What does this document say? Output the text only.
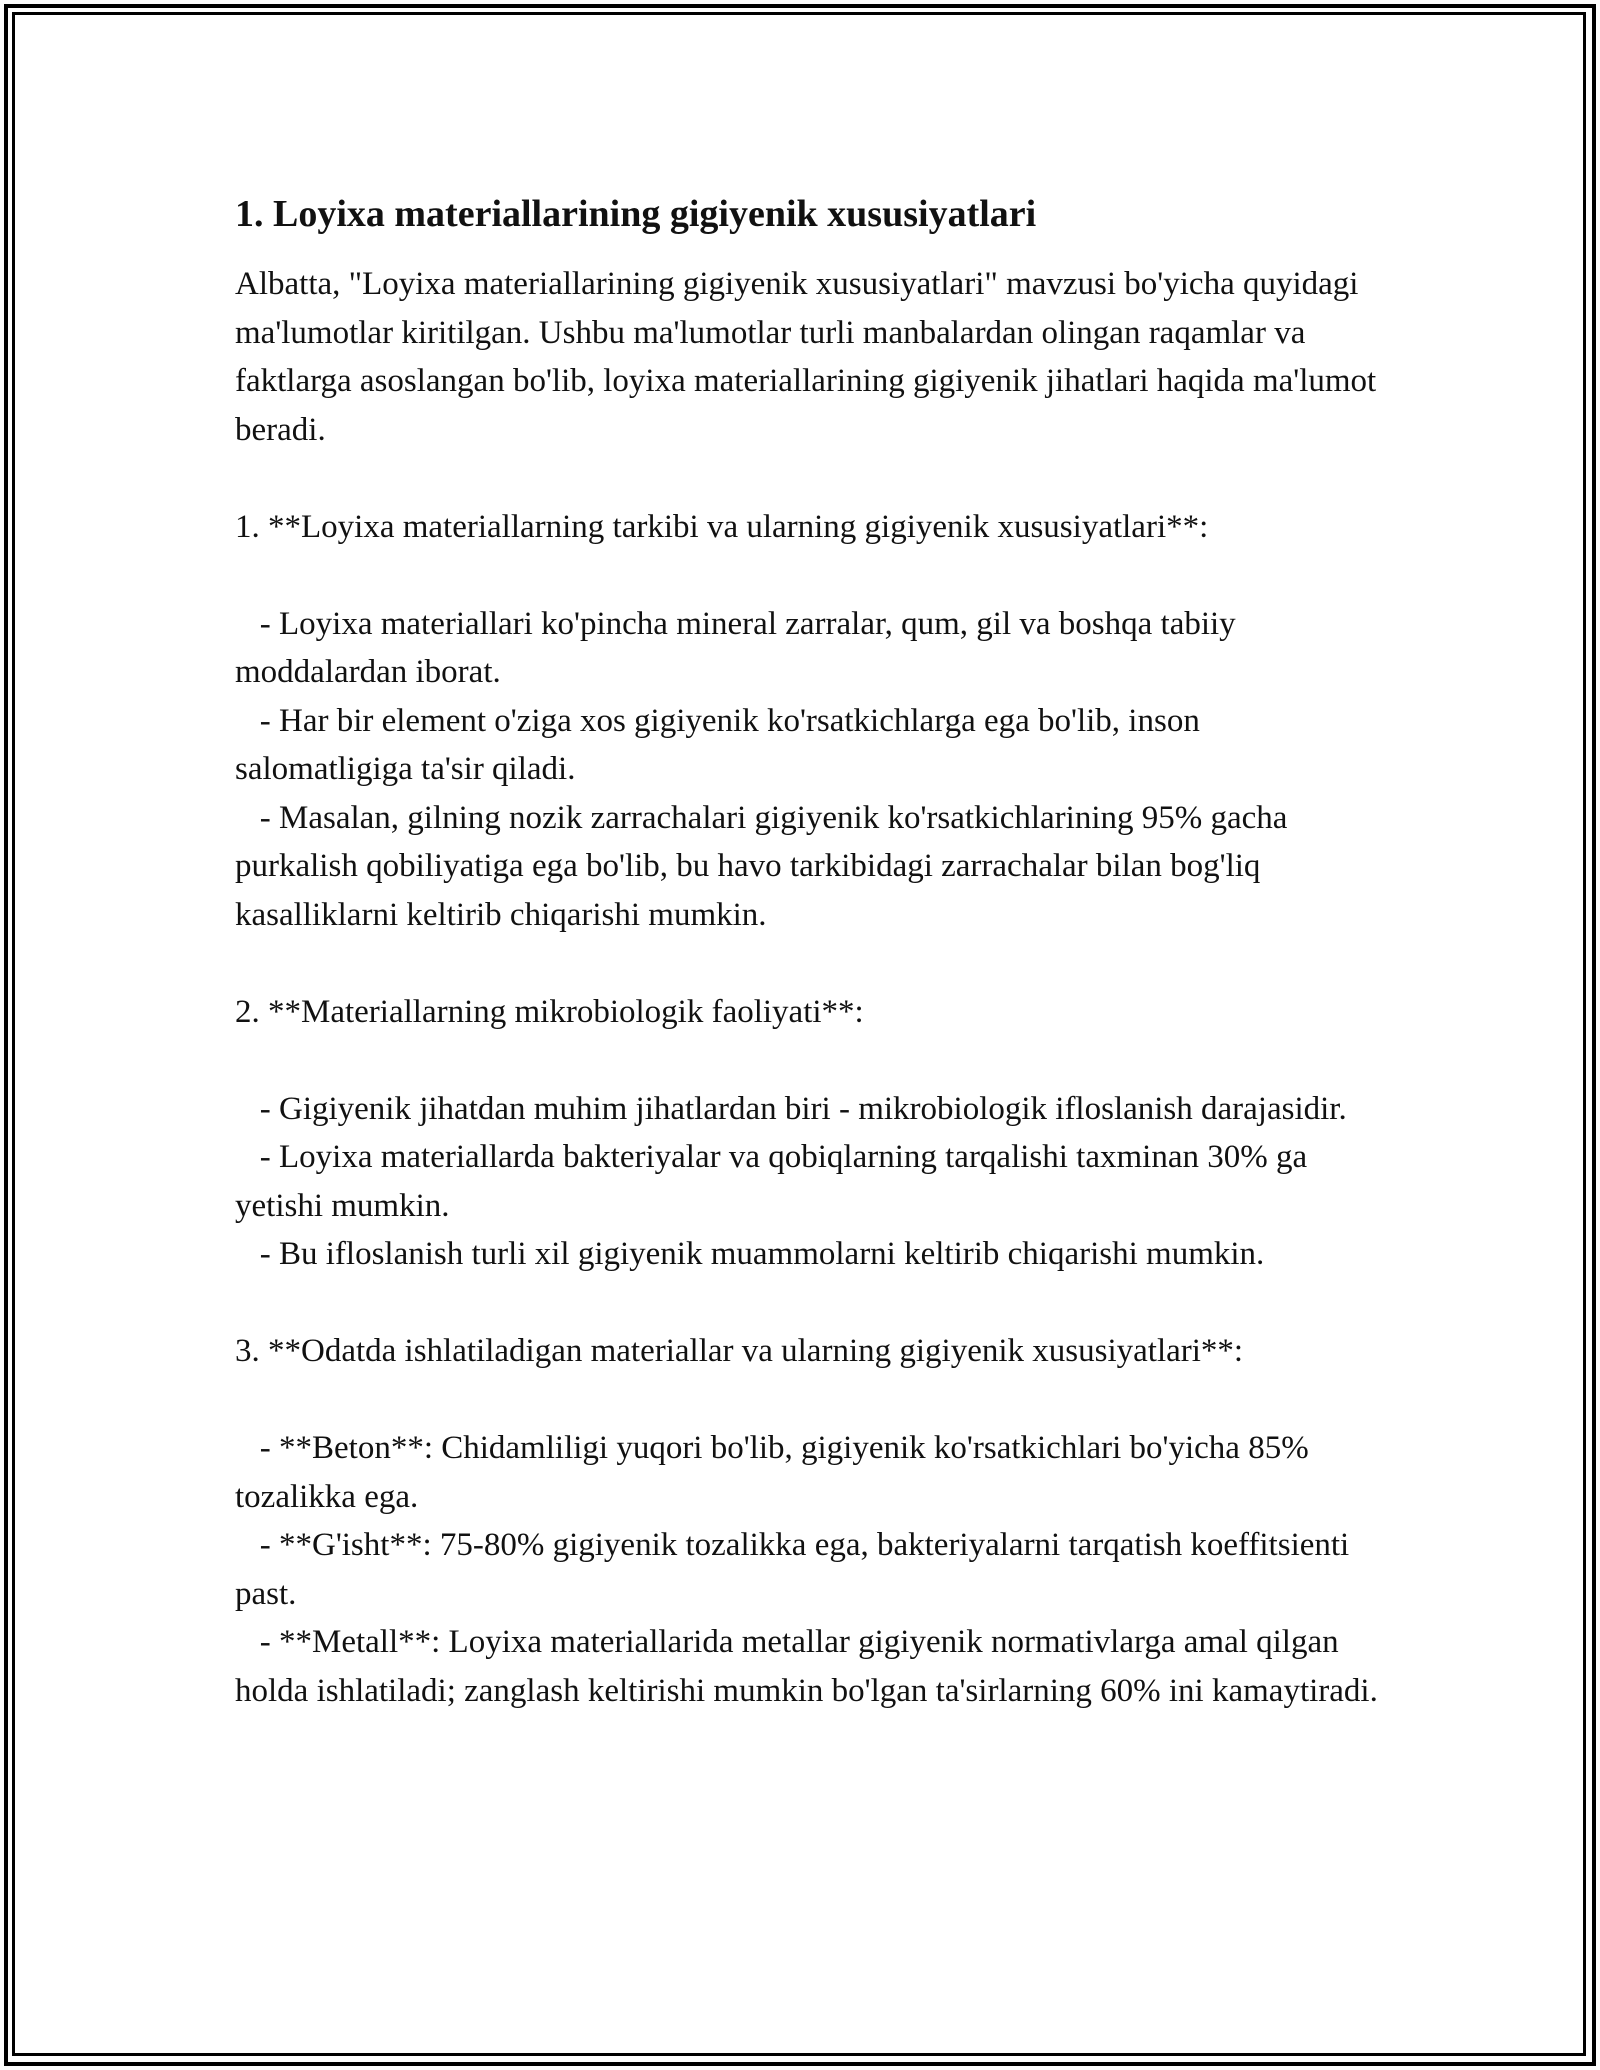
1. Loyixa materiallarining gigiyenik xususiyatlari

Albatta, "Loyixa materiallarining gigiyenik xususiyatlari" mavzusi bo'yicha quyidagi ma'lumotlar kiritilgan. Ushbu ma'lumotlar turli manbalardan olingan raqamlar va faktlarga asoslangan bo'lib, loyixa materiallarining gigiyenik jihatlari haqida ma'lumot beradi.

1. **Loyixa materiallarning tarkibi va ularning gigiyenik xususiyatlari**:

- Loyixa materiallari ko'pincha mineral zarralar, qum, gil va boshqa tabiiy moddalardan iborat.

- Har bir element o'ziga xos gigiyenik ko'rsatkichlarga ega bo'lib, inson salomatligiga ta'sir qiladi.

- Masalan, gilning nozik zarrachalari gigiyenik ko'rsatkichlarining 95% gacha purkalish qobiliyatiga ega bo'lib, bu havo tarkibidagi zarrachalar bilan bog'liq kasalliklarni keltirib chiqarishi mumkin.

2. **Materiallarning mikrobiologik faoliyati**:

- Gigiyenik jihatdan muhim jihatlardan biri - mikrobiologik ifloslanish darajasidir.

- Loyixa materiallarda bakteriyalar va qobiqlarning tarqalishi taxminan 30% ga yetishi mumkin.

- Bu ifloslanish turli xil gigiyenik muammolarni keltirib chiqarishi mumkin.

3. **Odatda ishlatiladigan materiallar va ularning gigiyenik xususiyatlari**:

- **Beton**: Chidamliligi yuqori bo'lib, gigiyenik ko'rsatkichlari bo'yicha 85% tozalikka ega.

- **G'isht**: 75-80% gigiyenik tozalikka ega, bakteriyalarni tarqatish koeffitsienti past.

- **Metall**: Loyixa materiallarida metallar gigiyenik normativlarga amal qilgan holda ishlatiladi; zanglash keltirishi mumkin bo'lgan ta'sirlarning 60% ini kamaytiradi.
